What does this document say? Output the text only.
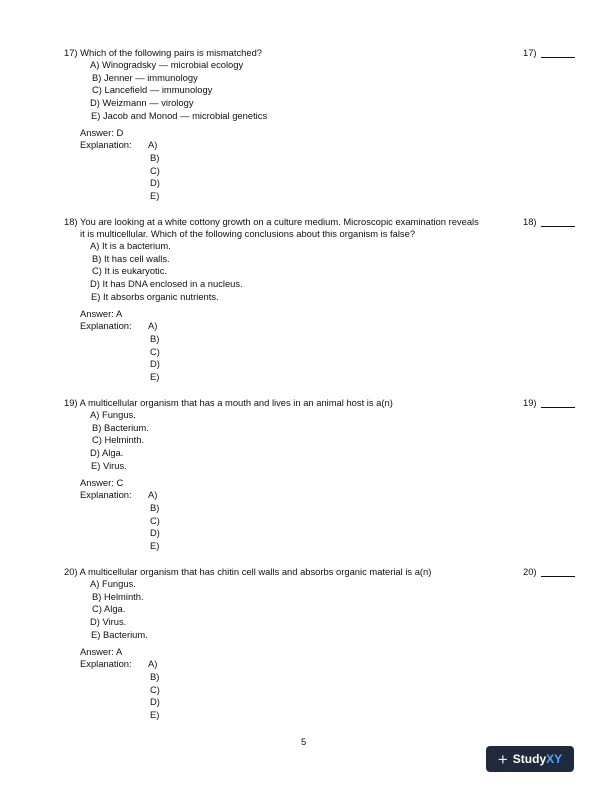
17) Which of the following pairs is mismatched?	17)
A) Winogradsky — microbial ecology
B) Jenner — immunology
C) Lancefield — immunology
D) Weizmann — virology
E) Jacob and Monod — microbial genetics
Answer: D
Explanation: A)
B)
C)
D)
E)
18) You are looking at a white cottony growth on a culture medium. Microscopic examination reveals
it is multicellular. Which of the following conclusions about this organism is false?
18)
A) It is a bacterium.
B) It has cell walls.
C) It is eukaryotic.
D) It has DNA enclosed in a nucleus.
E) It absorbs organic nutrients.
Answer: A
Explanation: A)
B)
C)
D)
E)
19) A multicellular organism that has a mouth and lives in an animal host is a(n)	19)
A) Fungus.
B) Bacterium.
C) Helminth.
D) Alga.
E) Virus.
Answer: C
Explanation: A)
B)
C)
D)
E)
20) A multicellular organism that has chitin cell walls and absorbs organic material is a(n)	20)
A) Fungus.
B) Helminth.
C) Alga.
D) Virus.
E) Bacterium.
Answer: A
Explanation: A)
B)
C)
D)
E)
5
+ StudyXY
